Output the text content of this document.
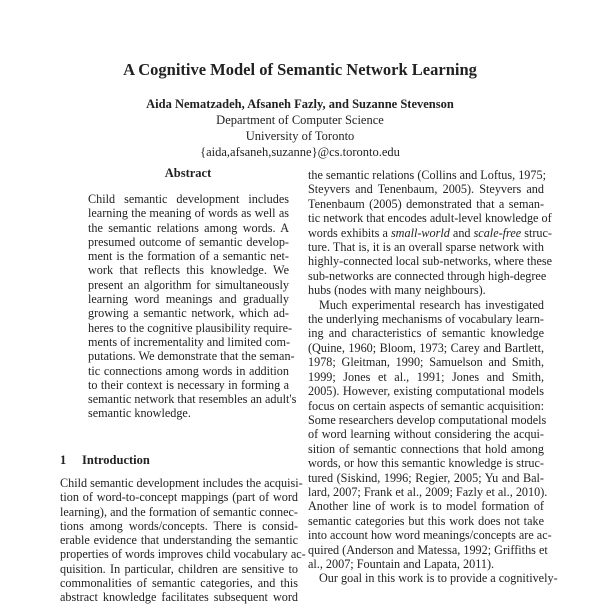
A Cognitive Model of Semantic Network Learning
Aida Nematzadeh, Afsaneh Fazly, and Suzanne Stevenson
Department of Computer Science
University of Toronto
{aida,afsaneh,suzanne}@cs.toronto.edu
Abstract
Child semantic development includes
learning the meaning of words as well as
the semantic relations among words. A
presumed outcome of semantic develop-
ment is the formation of a semantic net-
work that reflects this knowledge. We
present an algorithm for simultaneously
learning word meanings and gradually
growing a semantic network, which ad-
heres to the cognitive plausibility require-
ments of incrementality and limited com-
putations. We demonstrate that the seman-
tic connections among words in addition
to their context is necessary in forming a
semantic network that resembles an adult's
semantic knowledge.
1 Introduction
Child semantic development includes the acquisi-
tion of word-to-concept mappings (part of word
learning), and the formation of semantic connec-
tions among words/concepts. There is consid-
erable evidence that understanding the semantic
properties of words improves child vocabulary ac-
quisition. In particular, children are sensitive to
commonalities of semantic categories, and this
abstract knowledge facilitates subsequent word
the semantic relations (Collins and Loftus, 1975;
Steyvers and Tenenbaum, 2005). Steyvers and
Tenenbaum (2005) demonstrated that a seman-
tic network that encodes adult-level knowledge of
words exhibits a small-world and scale-free struc-
ture. That is, it is an overall sparse network with
highly-connected local sub-networks, where these
sub-networks are connected through high-degree
hubs (nodes with many neighbours).
Much experimental research has investigated
the underlying mechanisms of vocabulary learn-
ing and characteristics of semantic knowledge
(Quine, 1960; Bloom, 1973; Carey and Bartlett,
1978; Gleitman, 1990; Samuelson and Smith,
1999; Jones et al., 1991; Jones and Smith,
2005). However, existing computational models
focus on certain aspects of semantic acquisition:
Some researchers develop computational models
of word learning without considering the acqui-
sition of semantic connections that hold among
words, or how this semantic knowledge is struc-
tured (Siskind, 1996; Regier, 2005; Yu and Bal-
lard, 2007; Frank et al., 2009; Fazly et al., 2010).
Another line of work is to model formation of
semantic categories but this work does not take
into account how word meanings/concepts are ac-
quired (Anderson and Matessa, 1992; Griffiths et
al., 2007; Fountain and Lapata, 2011).
Our goal in this work is to provide a cognitively-
